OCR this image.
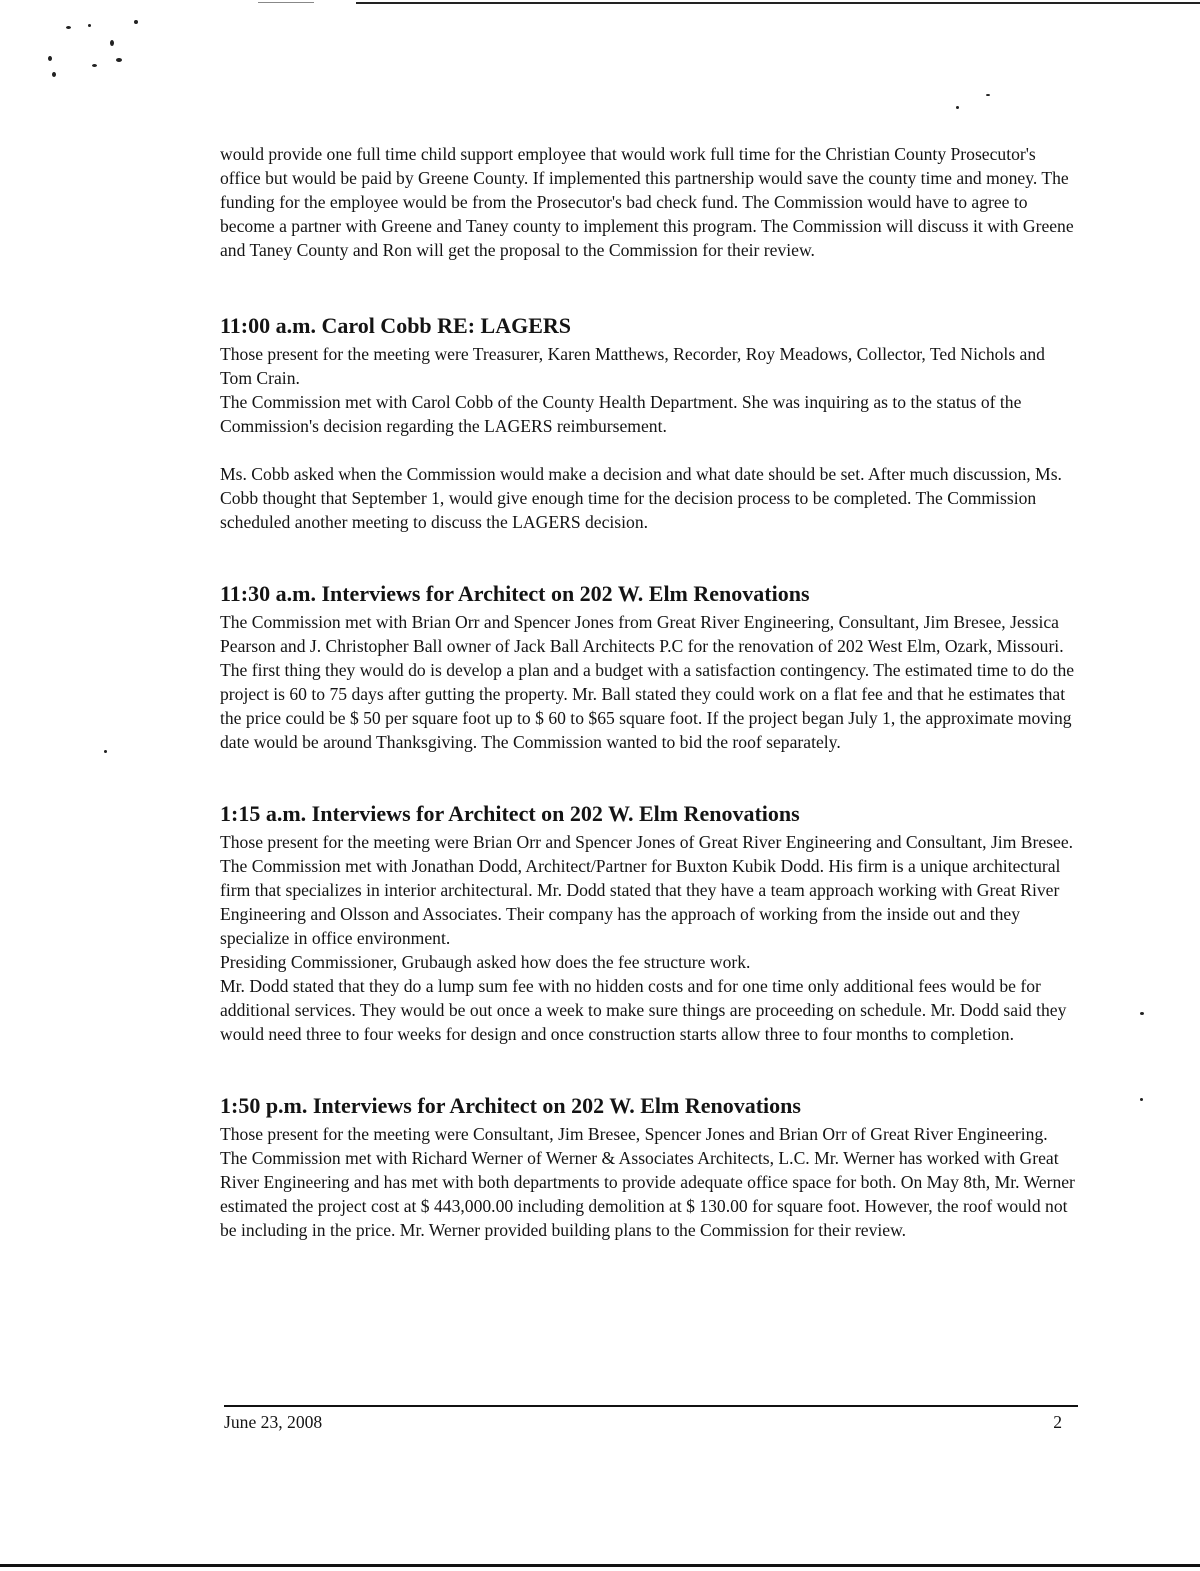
would provide one full time child support employee that would work full time for the Christian County Prosecutor's office but would be paid by Greene County. If implemented this partnership would save the county time and money. The funding for the employee would be from the Prosecutor's bad check fund. The Commission would have to agree to become a partner with Greene and Taney county to implement this program. The Commission will discuss it with Greene and Taney County and Ron will get the proposal to the Commission for their review.

11:00 a.m. Carol Cobb RE: LAGERS

Those present for the meeting were Treasurer, Karen Matthews, Recorder, Roy Meadows, Collector, Ted Nichols and Tom Crain.

The Commission met with Carol Cobb of the County Health Department. She was inquiring as to the status of the Commission's decision regarding the LAGERS reimbursement.

Ms. Cobb asked when the Commission would make a decision and what date should be set. After much discussion, Ms. Cobb thought that September 1, would give enough time for the decision process to be completed. The Commission scheduled another meeting to discuss the LAGERS decision.

11:30 a.m. Interviews for Architect on 202 W. Elm Renovations

The Commission met with Brian Orr and Spencer Jones from Great River Engineering, Consultant, Jim Bresee, Jessica Pearson and J. Christopher Ball owner of Jack Ball Architects P.C for the renovation of 202 West Elm, Ozark, Missouri.

The first thing they would do is develop a plan and a budget with a satisfaction contingency. The estimated time to do the project is 60 to 75 days after gutting the property. Mr. Ball stated they could work on a flat fee and that he estimates that the price could be $ 50 per square foot up to $ 60 to $65 square foot. If the project began July 1, the approximate moving date would be around Thanksgiving. The Commission wanted to bid the roof separately.

1:15 a.m. Interviews for Architect on 202 W. Elm Renovations

Those present for the meeting were Brian Orr and Spencer Jones of Great River Engineering and Consultant, Jim Bresee.

The Commission met with Jonathan Dodd, Architect/Partner for Buxton Kubik Dodd. His firm is a unique architectural firm that specializes in interior architectural. Mr. Dodd stated that they have a team approach working with Great River Engineering and Olsson and Associates. Their company has the approach of working from the inside out and they specialize in office environment.

Presiding Commissioner, Grubaugh asked how does the fee structure work.

Mr. Dodd stated that they do a lump sum fee with no hidden costs and for one time only additional fees would be for additional services. They would be out once a week to make sure things are proceeding on schedule. Mr. Dodd said they would need three to four weeks for design and once construction starts allow three to four months to completion.

1:50 p.m. Interviews for Architect on 202 W. Elm Renovations

Those present for the meeting were Consultant, Jim Bresee, Spencer Jones and Brian Orr of Great River Engineering.

The Commission met with Richard Werner of Werner & Associates Architects, L.C. Mr. Werner has worked with Great River Engineering and has met with both departments to provide adequate office space for both. On May 8th, Mr. Werner estimated the project cost at $ 443,000.00 including demolition at $ 130.00 for square foot. However, the roof would not be including in the price. Mr. Werner provided building plans to the Commission for their review.

June 23, 2008	2
